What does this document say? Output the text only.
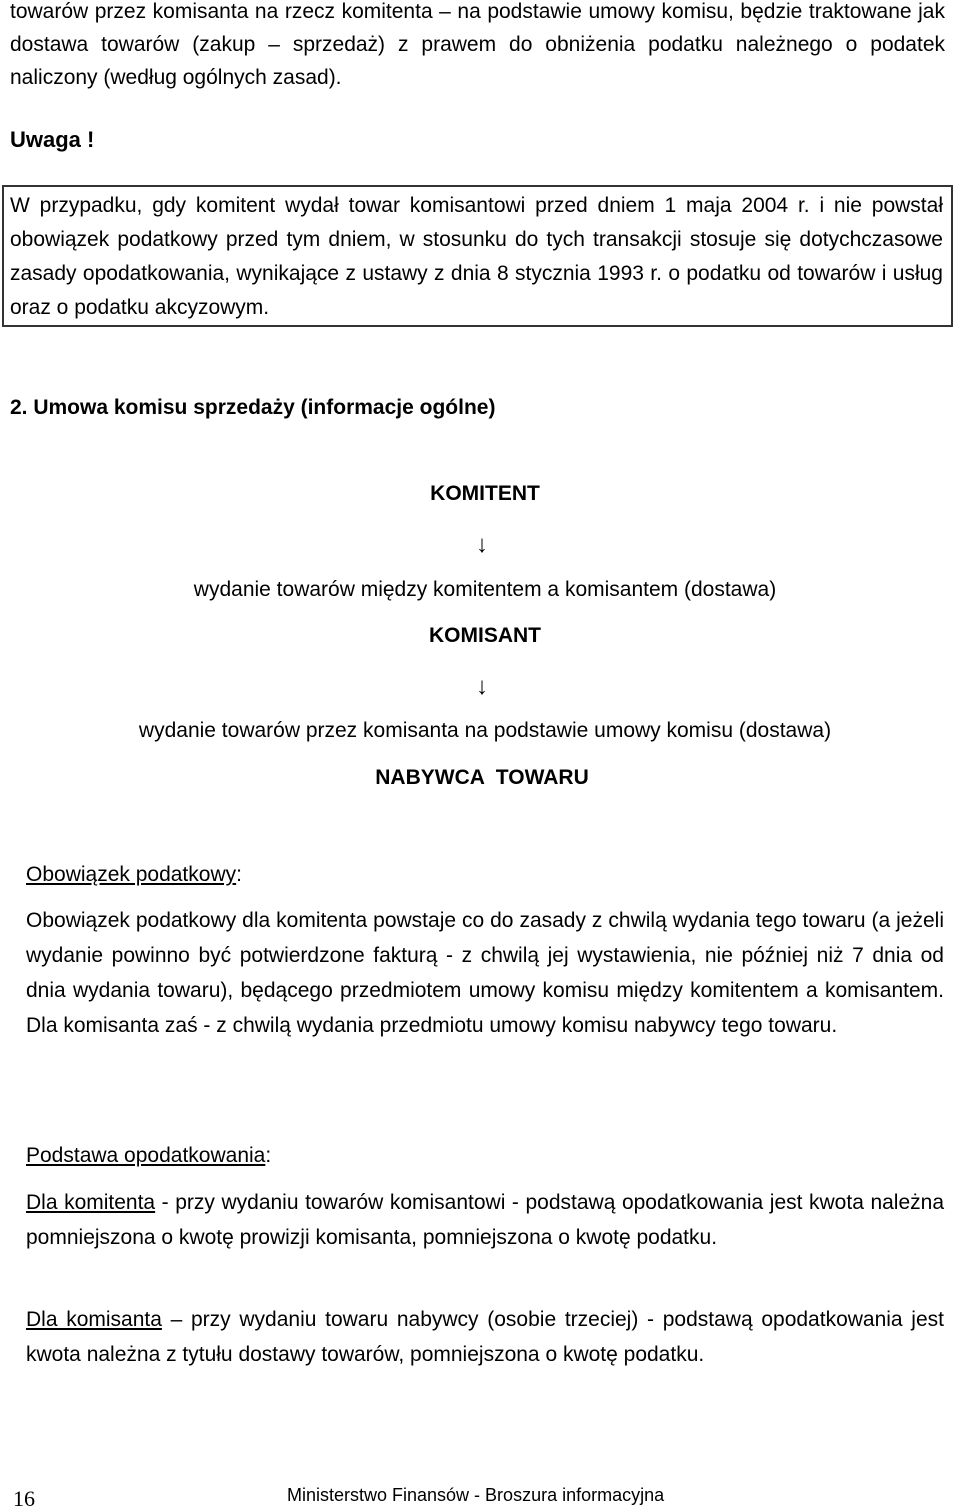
towarów przez komisanta na rzecz komitenta – na podstawie umowy komisu, będzie traktowane jak dostawa towarów (zakup – sprzedaż) z prawem do obniżenia podatku należnego o podatek naliczony (według ogólnych zasad).
Uwaga !
W przypadku, gdy komitent wydał towar komisantowi przed dniem 1 maja 2004 r. i nie powstał obowiązek podatkowy przed tym dniem, w stosunku do tych transakcji stosuje się dotychczasowe zasady opodatkowania, wynikające z ustawy z dnia 8 stycznia 1993 r. o podatku od towarów i usług oraz o podatku akcyzowym.
2. Umowa komisu sprzedaży (informacje ogólne)
KOMITENT
↓
wydanie towarów między komitentem a komisantem (dostawa)
KOMISANT
↓
wydanie towarów przez komisanta na podstawie umowy komisu (dostawa)
NABYWCA  TOWARU
Obowiązek podatkowy:
Obowiązek podatkowy dla komitenta powstaje co do zasady z chwilą wydania tego towaru (a jeżeli wydanie powinno być potwierdzone fakturą - z chwilą jej wystawienia, nie później niż 7 dnia od dnia wydania towaru), będącego przedmiotem umowy komisu między komitentem a komisantem. Dla komisanta zaś - z chwilą wydania przedmiotu umowy komisu nabywcy tego towaru.
Podstawa opodatkowania:
Dla komitenta - przy wydaniu towarów komisantowi - podstawą opodatkowania jest kwota należna pomniejszona o kwotę prowizji komisanta, pomniejszona o kwotę podatku.
Dla komisanta – przy wydaniu towaru nabywcy (osobie trzeciej) - podstawą opodatkowania jest kwota należna z tytułu dostawy towarów, pomniejszona o kwotę podatku.
16	Ministerstwo Finansów - Broszura informacyjna
